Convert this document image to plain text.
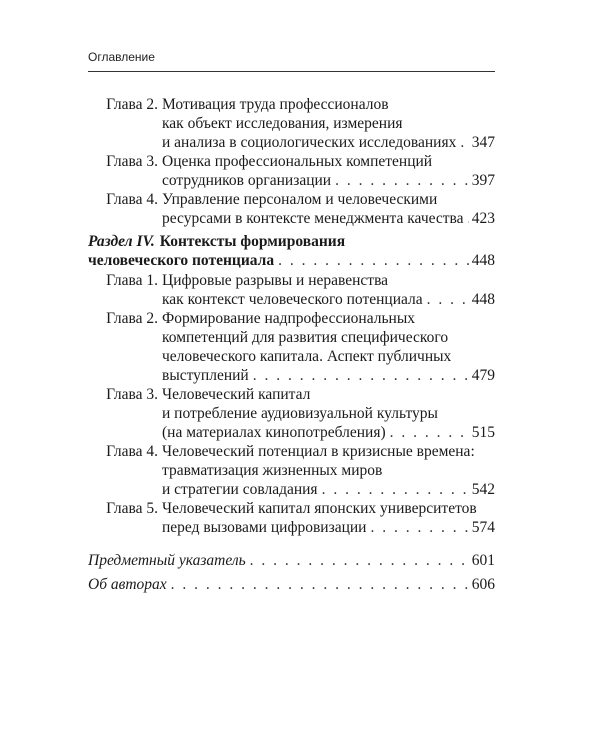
Оглавление
Глава 2. Мотивация труда профессионалов
как объект исследования, измерения
и анализа в социологических исследованиях . . . 347
Глава 3. Оценка профессиональных компетенций
сотрудников организации . . .	397
Глава 4. Управление персоналом и человеческими
ресурсами в контексте менеджмента качества . . . 423
Раздел IV. Контексты формирования
человеческого потенциала . . .	448
Глава 1. Цифровые разрывы и неравенства
как контекст человеческого потенциала . . .	448
Глава 2. Формирование надпрофессиональных
компетенций для развития специфического
человеческого капитала. Аспект публичных
выступлений . . .	479
Глава 3. Человеческий капитал
и потребление аудиовизуальной культуры
(на материалах кинопотребления) . . .	515
Глава 4. Человеческий потенциал в кризисные времена:
травматизация жизненных миров
и стратегии совладания . . .	542
Глава 5. Человеческий капитал японских университетов
перед вызовами цифровизации . . .	574
Предметный указатель . . .	601
Об авторах . . .	606
